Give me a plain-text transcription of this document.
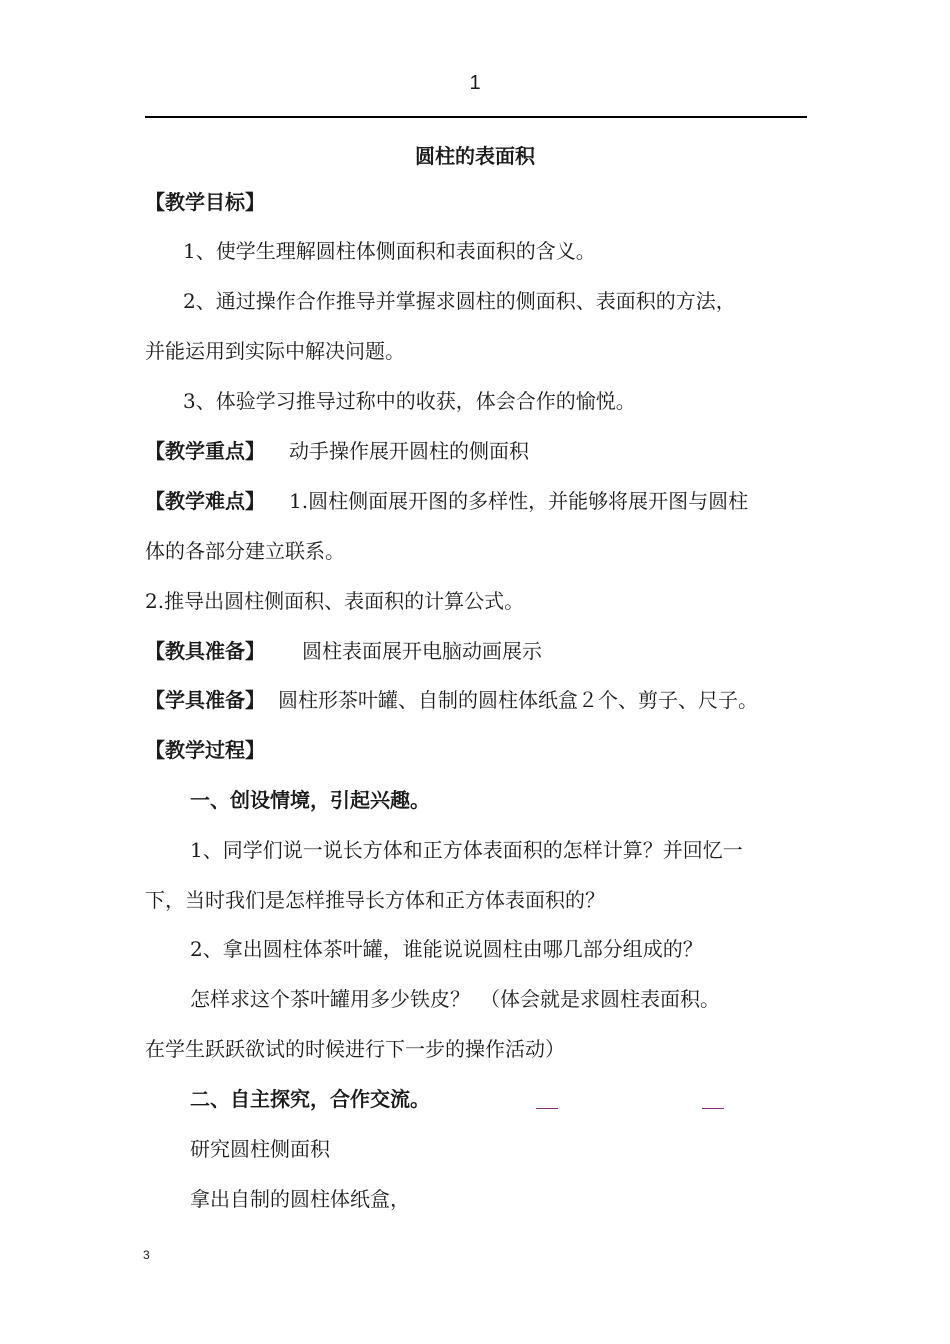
1
圆柱的表面积
【教学目标】
1、使学生理解圆柱体侧面积和表面积的含义。
2、通过操作合作推导并掌握求圆柱的侧面积、表面积的方法，
并能运用到实际中解决问题。
3、体验学习推导过称中的收获，体会合作的愉悦。
【教学重点】 动手操作展开圆柱的侧面积
【教学难点】 1.圆柱侧面展开图的多样性，并能够将展开图与圆柱
体的各部分建立联系。
2.推导出圆柱侧面积、表面积的计算公式。
【教具准备】 圆柱表面展开电脑动画展示
【学具准备】 圆柱形茶叶罐、自制的圆柱体纸盒２个、剪子、尺子。
【教学过程】
一、创设情境，引起兴趣。
1、同学们说一说长方体和正方体表面积的怎样计算？并回忆一
下，当时我们是怎样推导长方体和正方体表面积的？
2、拿出圆柱体茶叶罐，谁能说说圆柱由哪几部分组成的？
怎样求这个茶叶罐用多少铁皮？　（体会就是求圆柱表面积。
在学生跃跃欲试的时候进行下一步的操作活动）
二、自主探究，合作交流。
研究圆柱侧面积
拿出自制的圆柱体纸盒，
3
